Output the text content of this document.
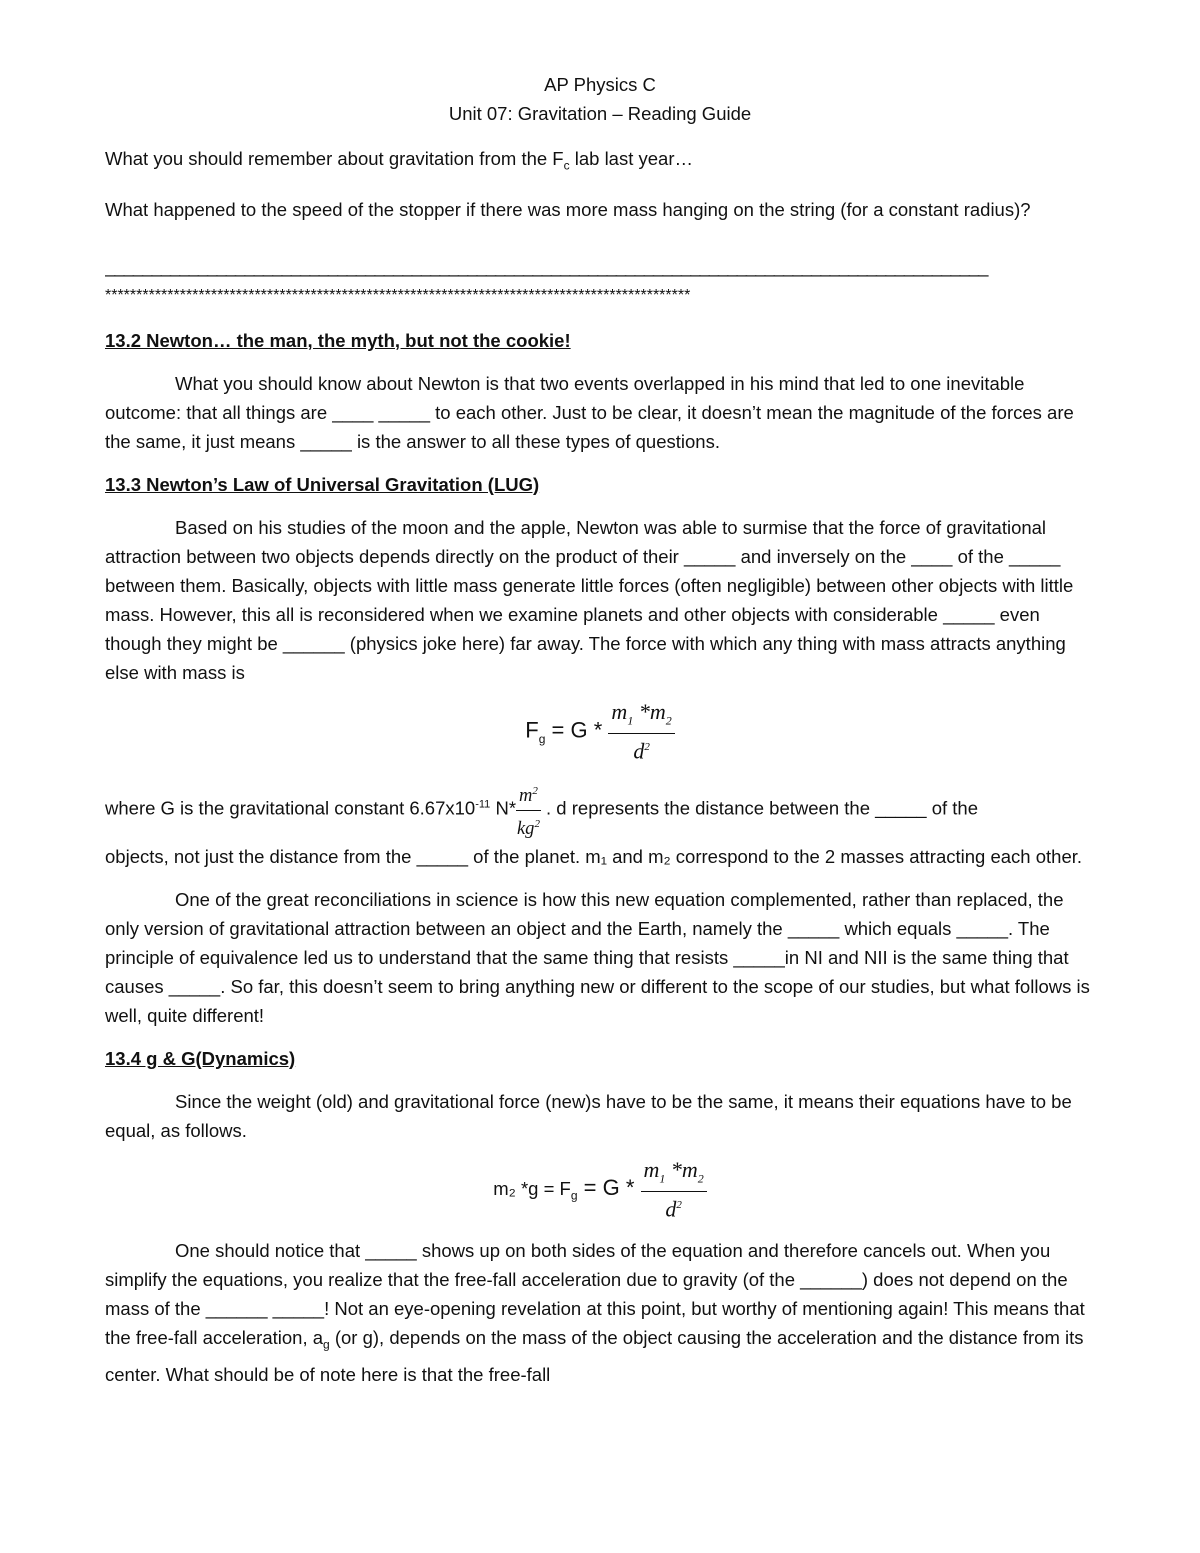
AP Physics C

Unit 07: Gravitation – Reading Guide

What you should remember about gravitation from the $F_c$ lab last year…

What happened to the speed of the stopper if there was more mass hanging on the string (for a constant radius)?

_______________________________________________________________________________________________

**********************************************************************************************

13.2 Newton… the man, the myth, but not the cookie!

What you should know about Newton is that two events overlapped in his mind that led to one inevitable outcome: that all things are ____ _____ to each other. Just to be clear, it doesn’t mean the magnitude of the forces are the same, it just means _____ is the answer to all these types of questions.

13.3 Newton’s Law of Universal Gravitation (LUG)

Based on his studies of the moon and the apple, Newton was able to surmise that the force of gravitational attraction between two objects depends directly on the product of their _____ and inversely on the ____ of the _____ between them. Basically, objects with little mass generate little forces (often negligible) between other objects with little mass. However, this all is reconsidered when we examine planets and other objects with considerable _____ even though they might be ______ (physics joke here) far away. The force with which any thing with mass attracts anything else with mass is

$F_g = G * \frac{m_1 *m_2}{d^2}$

where G is the gravitational constant $6.67x10^{-11}$ $N* \frac{m^2}{kg^2}$ . d represents the distance between the _____ of the

objects, not just the distance from the _____ of the planet. m₁ and m₂ correspond to the 2 masses attracting each other.

One of the great reconciliations in science is how this new equation complemented, rather than replaced, the only version of gravitational attraction between an object and the Earth, namely the _____ which equals _____. The principle of equivalence led us to understand that the same thing that resists _____in NI and NII is the same thing that causes _____. So far, this doesn’t seem to bring anything new or different to the scope of our studies, but what follows is well, quite different!

13.4 g & G(Dynamics)

Since the weight (old) and gravitational force (new)s have to be the same, it means their equations have to be equal, as follows.

m₂ $*g = F_g = G * \frac{m_1 *m_2}{d^2}$

One should notice that _____ shows up on both sides of the equation and therefore cancels out. When you simplify the equations, you realize that the free-fall acceleration due to gravity (of the ______) does not depend on the mass of the ______ _____! Not an eye-opening revelation at this point, but worthy of mentioning again! This means that the free-fall acceleration, $a_g$ (or g), depends on the mass of the object causing the acceleration and the distance from its center. What should be of note here is that the free-fall
